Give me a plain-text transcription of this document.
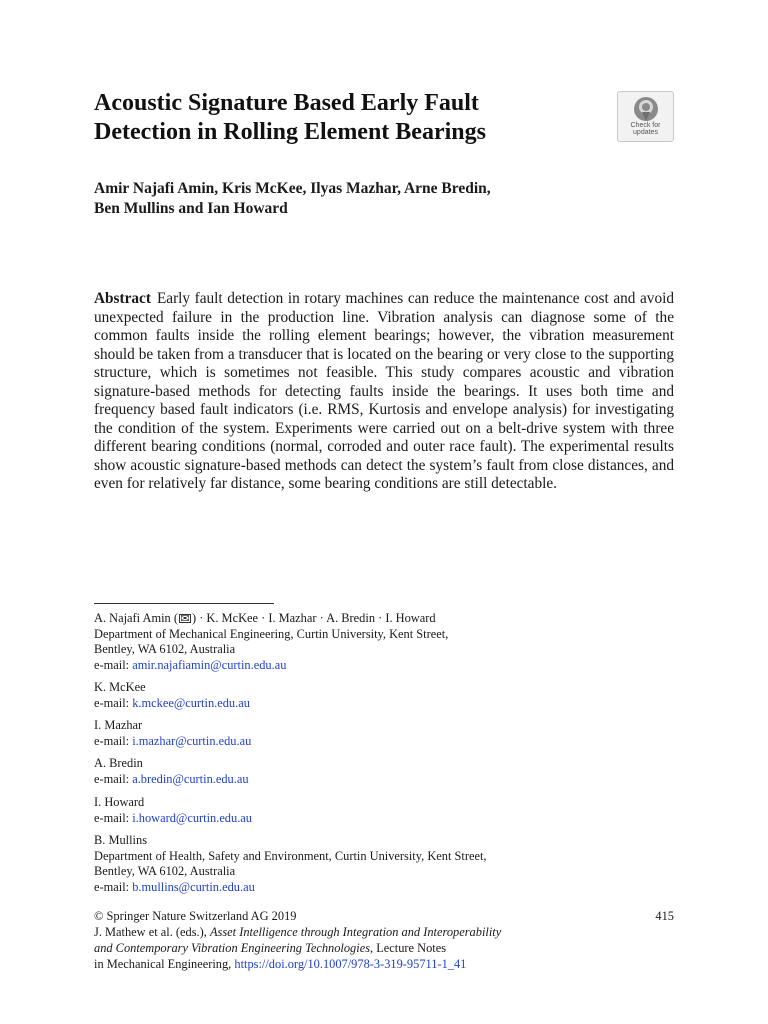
Acoustic Signature Based Early Fault
Detection in Rolling Element Bearings	Check for
updates
Amir Najafi Amin, Kris McKee, Ilyas Mazhar, Arne Bredin,
Ben Mullins and Ian Howard
Abstract Early fault detection in rotary machines can reduce the maintenance cost and avoid unexpected failure in the production line. Vibration analysis can diagnose some of the common faults inside the rolling element bearings; however, the vibration measurement should be taken from a transducer that is located on the bearing or very close to the supporting structure, which is sometimes not feasible. This study compares acoustic and vibration signature-based methods for detecting faults inside the bearings. It uses both time and frequency based fault indicators (i.e. RMS, Kurtosis and envelope analysis) for investigating the condition of the system. Experiments were carried out on a belt-drive system with three different bearing conditions (normal, corroded and outer race fault). The experimental results show acoustic signature-based methods can detect the system’s fault from close distances, and even for relatively far distance, some bearing conditions are still detectable.
A. Najafi Amin ( ✉ ) · K. McKee · I. Mazhar · A. Bredin · I. Howard
Department of Mechanical Engineering, Curtin University, Kent Street,
Bentley, WA 6102, Australia
e-mail: amir.najafiamin@curtin.edu.au
K. McKee
e-mail: k.mckee@curtin.edu.au
I. Mazhar
e-mail: i.mazhar@curtin.edu.au
A. Bredin
e-mail: a.bredin@curtin.edu.au
I. Howard
e-mail: i.howard@curtin.edu.au
B. Mullins
Department of Health, Safety and Environment, Curtin University, Kent Street,
Bentley, WA 6102, Australia
e-mail: b.mullins@curtin.edu.au
© Springer Nature Switzerland AG 2019	415
J. Mathew et al. (eds.), Asset Intelligence through Integration and Interoperability
and Contemporary Vibration Engineering Technologies, Lecture Notes
in Mechanical Engineering, https://doi.org/10.1007/978-3-319-95711-1_41
